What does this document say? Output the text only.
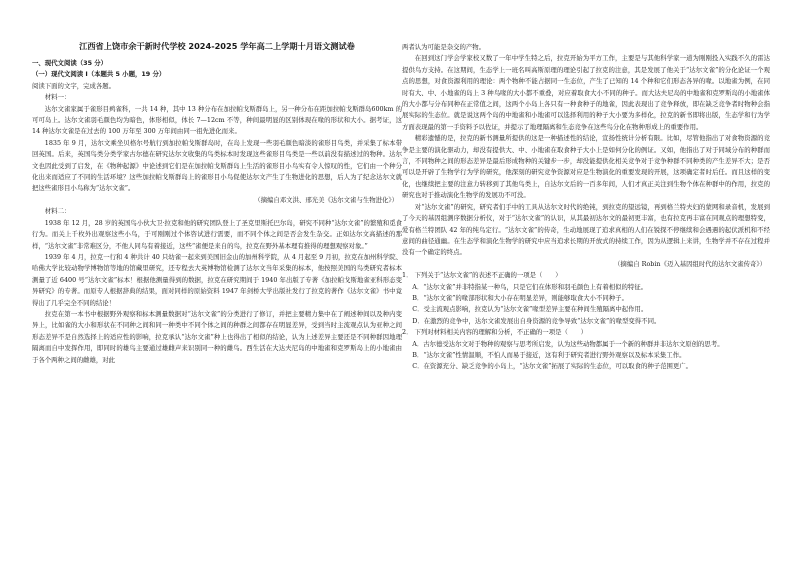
江西省上饶市余干新时代学校 2024-2025 学年高二上学期十月语文测试卷

一、现代文阅读（35 分）

（一）现代文阅读 I（本题共 5 小题，19 分）

阅读下面的文字，完成各题。

材料一：

达尔文雀家属于雀形目鹀雀科，一共 14 种，其中 13 种分布在加拉帕戈斯群岛上，另一种分布在距加拉帕戈斯群岛600km 的可可岛上。达尔文雀羽毛颜色均为暗色，体形相似，体长 7—12cm 不等，种间最明显的区别体现在喙的形状和大小。据考证，这 14 种达尔文雀是在过去的 100 万年至 300 万年间由同一祖先进化而来。

1835 年 9 月，达尔文乘坐贝格尔号航行到加拉帕戈斯群岛时，在岛上发现一些羽毛颜色暗淡的雀形目鸟类，并采集了标本带回英国。后来，英国鸟类分类学家古尔德在研究达尔文收集的鸟类标本时发现这些雀形目鸟类是一些以前没有描述过的物种。达尔文也因此受到了启发，在《物种起源》中论述到它们是在加拉帕戈斯群岛上生活的雀形目小鸟实有令人惊叹的性，它们由一个种分化出来而适应了不同的生活环境？这些加拉帕戈斯群岛上的雀形目小鸟促使达尔文产生了生物进化的思想，后人为了纪念达尔文就把这些雀形目小鸟称为“达尔文雀”。

（摘编自邓文洪、邢光美《达尔文雀与生物进化》）

材料二：

1938 年 12 月，28 岁的英国鸟小伙大卫·拉克和他的研究团队登上了圣克里斯托巴尔岛，研究不同种“达尔文雀”的繁殖和觅食行为。而关上千枚外出观察这些小鸟，于可刚刚过个体咨试进行需要，而不同个体之间是否会发生杂交。正如达尔文高描述的那样，“达尔文雀”非常难区分，不他人同鸟有着接近，这些“雀便是来自的鸟，拉克在野外基本理有推得的理想观察对象。”

1939 年 4 月，拉克一行和 4 种共计 40 只幼雀一起来到美国旧金山的加州科学院，从 4 月起至 9 月初，拉克在加州科学院、哈佛大学比较动物学博物馆等地的馆藏里研究，还专程去大英博物馆检测了达尔文当年采集的标本，他按照美国的鸟类研究者标本测量了近 6400 号“达尔文雀”标本！根据他测量得到的数据，拉克在研究期间于 1940 年出版了专著《加拉帕戈斯地雀亚科形态变异研究》的专著。而原专人根据辞典的结果，面对同样的原始资料 1947 年剑桥大学出版社发行了拉克的著作《达尔文雀》书中竟得出了几乎完全不同的结论！

拉克在第一本书中根据野外观察和标本测量数据对“达尔文雀”的分类进行了修订，并把主要精力集中在了阐述种间以及种内变异上，比如雀的大小和形状在不同种之间和同一种类中不同个体之间的种群之间都存在明显差异，受到当时主流观点认为亚种之间形态差异不是自然选择上的适应性的影响，拉克承认“达尔文雀”种上也得出了相似的结论，认为上述差异主要还是不同种群因地理隔离而自中发挥作用，即同时的雄鸟主要通过雄雌声来识别同一种的雌鸟。西生活在大达夫尼岛的中地雀和克罗斯岛上的小地雀由于各个两种之间的雌雄，对此

两者认为可能是杂交的产物。

在回到这门学会学家校又数了一年中学生特之后，拉克开始为平方工作，主要是与其他科学家一道为刚刚投入实践不久的雷达提供鸟方支持。在这期间，生态学上一班名叫高斯原理的理论引起了拉克的注意，其是发展了他关于“达尔文雀”的分化论证一个观点的思想，对食资源利用的理论：两个物种不能占据同一生态位，产生了已知的 14 个种和它们形态各异的喙。以地雀为例，在同时有大、中、小地雀的岛上 3 种鸟喙的大小都不重叠，对应着取食大小不同的种子。而大达夫尼岛的中地雀和克罗斯岛的小地雀体的大小都与分布同种在正常值之间，这两个小岛上各只有一种食种子的地雀，因此表现出了竞争释放，即在缺乏竞争者时物种会指展实际的生态位。就是说这两个岛的中地雀和小地雀可以选择利用的种子大小要为多样化，拉克的新书即将出版，生态学和行为学方面表现最的第一手资料予以佐证，并提示了地理隔离和生态竞争在这些鸟分化在物种形成上的重要作用。

精彩遗憾的是，拉克的新书测量所提供的这是一种描述性的结论，宣扬性统计分析有限。比如，尽管他指出了对食物资源的竞争是主要的演化驱动力，却没有提供大、中、小地雀在取食种子大小上是如何分化的例证。又如，他指出了对于同域分布的种群而言，不同物种之间的形态差异是最后形成物种的关键步一步，却没能提供化相关竞争对于竞争种群不同种类的产生差异不大；是否可以是开辟了生物学行为学的研究，他深刻的研究竞争资源对应是生物演化的重要发现的开展，这项确定者时后任。而且这样的变化，也继续把主要的注意力转移到了其他鸟类上，自达尔文后的一百多年间，人们才真正关注到生物个体在种群中的作用，拉克的研究也对于推动演化生物学的发展功不可没。

对“达尔文雀”的研究，研究者们手中的工具从达尔文时代的绝钝，到拉克的望远镜，再到格兰特夫妇的蒙网和录音机，发展到了今天的基因组测序数据分析仪，对于“达尔文雀”的认识，从其最初达尔文的最初更丰富，也有拉克再丰富在同观点的理想特变，爱有格兰特团队 42 年的纯鸟定行。“达尔文雀”的传奇，生动地展现了追求真相的人们在锐探不停继续和会遇遇的起伏派机和不经意间的曲径通幽。在生态学和演化生物学的研究中应当追求长期的开放式的持续工作，因为从逻辑上来讲，生物学并不存在过程并没有一个确定的终点。

（摘编自 Robin《迈入基因组时代的达尔文雀传奇》）

1． 下列关于“达尔文雀”的表述不正确的一项是（　　）

A．“达尔文雀”并非特指某一种鸟，只是它们在体形和羽毛颜色上有着相似的特征。

B．“达尔文雀”的喙部形状和大小存在明显差异，则能够取食大小不同种子。

C．受主流观点影响，拉克认为“达尔文雀”喙型差异主要在种间生殖隔离中起作用。

D．在激烈的竞争中，达尔文雀发展出自身资源的竞争导致“达尔文雀”的喙型变得不同。

2． 下列对材料相关内容的理解和分析，不正确的一项是（　　）

A．古尔德受达尔文对于物种的观察与思考所启发，认为这些动物都属于一个新的种群并非达尔文原创的思考。

B．“达尔文雀”性情温顺，不怕人而易于接近，这有利于研究者进行野外观察以及标本采集工作。

C．在资源充分、缺乏竞争的小岛上，“达尔文雀”拓展了实际的生态位，可以取食的种子范围更广。
